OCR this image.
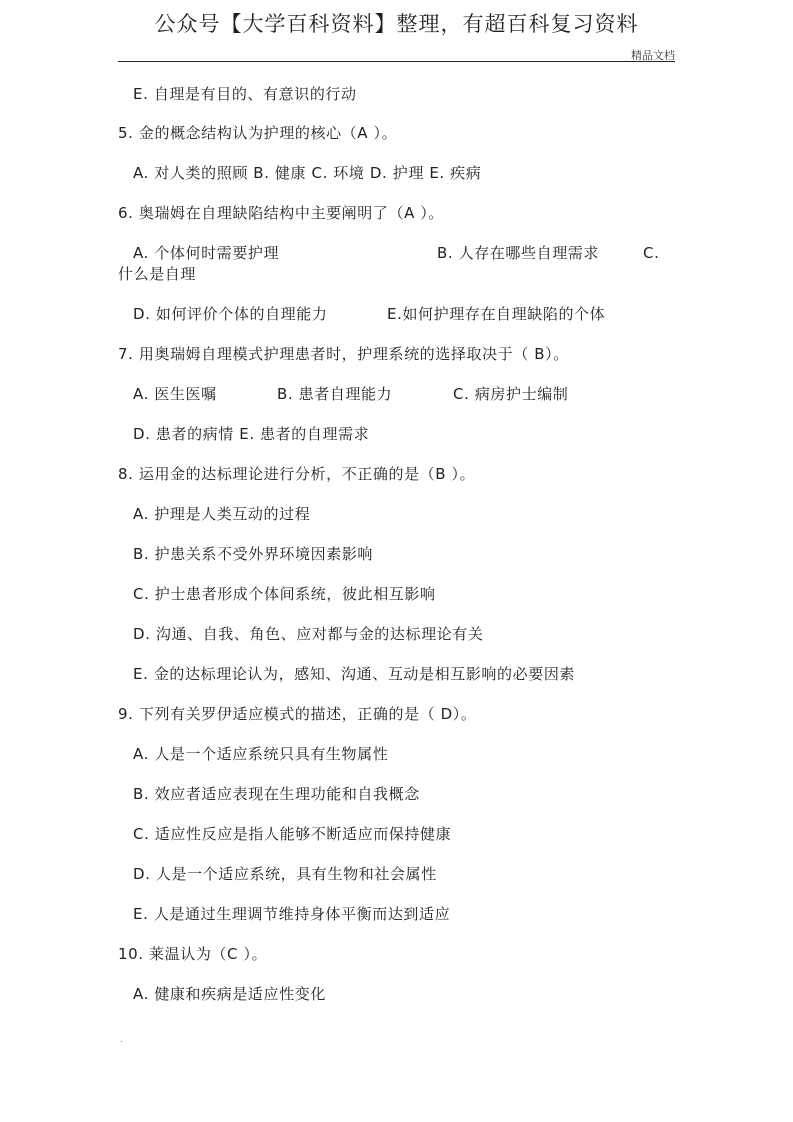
公众号【大学百科资料】整理，有超百科复习资料
精品文档
E. 自理是有目的、有意识的行动
5. 金的概念结构认为护理的核心（A ）。
A. 对人类的照顾 B. 健康 C. 环境 D. 护理 E. 疾病
6. 奥瑞姆在自理缺陷结构中主要阐明了（A ）。
A. 个体何时需要护理	B. 人存在哪些自理需求	C.
什么是自理
D. 如何评价个体的自理能力	E.如何护理存在自理缺陷的个体
7. 用奥瑞姆自理模式护理患者时，护理系统的选择取决于（ B）。
A. 医生医嘱	B. 患者自理能力	C. 病房护士编制
D. 患者的病情 E. 患者的自理需求
8. 运用金的达标理论进行分析，不正确的是（B ）。
A. 护理是人类互动的过程
B. 护患关系不受外界环境因素影响
C. 护士患者形成个体间系统，彼此相互影响
D. 沟通、自我、角色、应对都与金的达标理论有关
E. 金的达标理论认为，感知、沟通、互动是相互影响的必要因素
9. 下列有关罗伊适应模式的描述，正确的是（ D）。
A. 人是一个适应系统只具有生物属性
B. 效应者适应表现在生理功能和自我概念
C. 适应性反应是指人能够不断适应而保持健康
D. 人是一个适应系统，具有生物和社会属性
E. 人是通过生理调节维持身体平衡而达到适应
10. 莱温认为（C ）。
A. 健康和疾病是适应性变化
.
